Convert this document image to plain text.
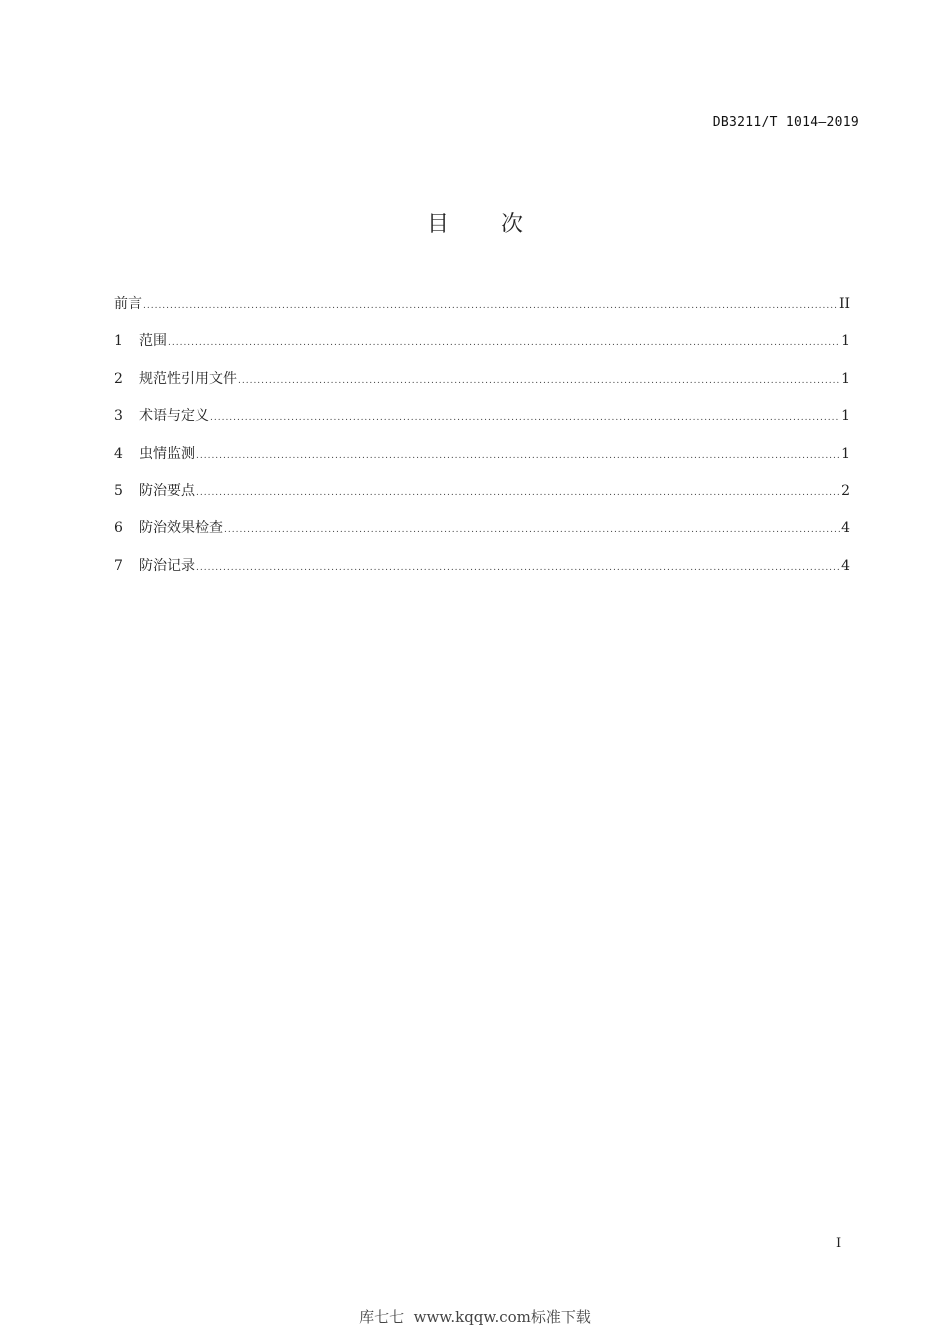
DB3211/T 1014—2019
目 次
前言 .....	II
1	范围 .....	1
2	规范性引用文件 .....	1
3	术语与定义 .....	1
4	虫情监测 .....	1
5	防治要点 .....	2
6	防治效果检查 .....	4
7	防治记录 .....	4
I
库七七  www.kqqw.com标准下载
